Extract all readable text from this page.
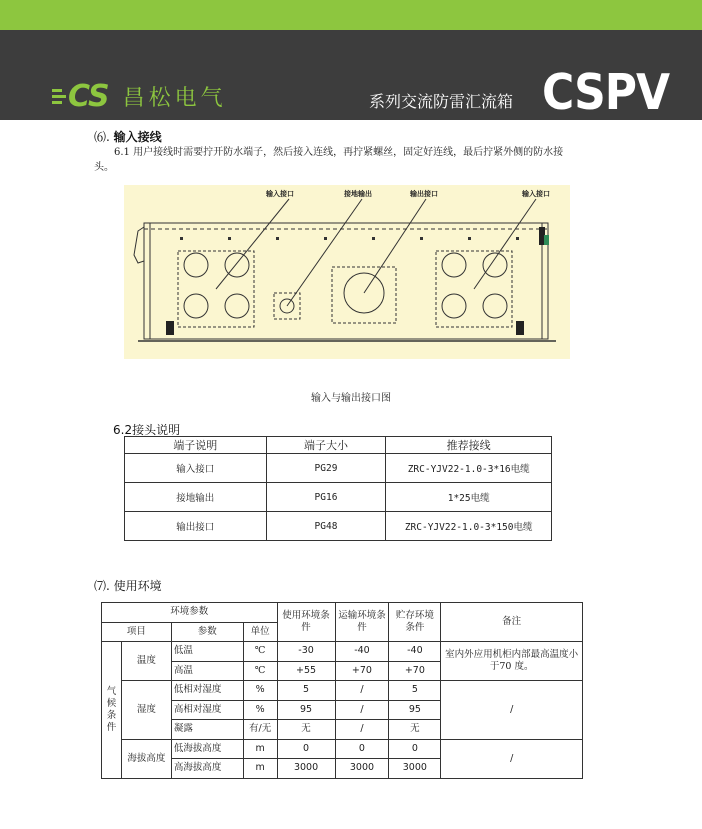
CS 昌松电气	系列交流防雷汇流箱 CSPV
⑹. 输入接线
6.1 用户接线时需要拧开防水端子，然后接入连线，再拧紧螺丝，固定好连线，最后拧紧外侧的防水接
头。
输入接口	接地输出	输出接口	输入接口
输入与输出接口图
6.2接头说明
端子说明	端子大小	推荐接线
输入接口	PG29	ZRC-YJV22-1.0-3*16电缆
接地输出	PG16	1*25电缆
输出接口	PG48	ZRC-YJV22-1.0-3*150电缆
⑺. 使用环境
环境参数				使用环境条件	运输环境条件	贮存环境条件	备注
项目		参数	单位				
气
候
条
件	温度	低温	℃	-30	-40	-40	室内外应用机柜内部最高温度小于70 度。
		高温	℃	+55	+70	+70	
	湿度	低相对湿度	%	5	/	5	/
		高相对湿度	%	95	/	95	
		凝露	有/无	无	/	无	
	海拔高度	低海拔高度	m	0	0	0	/
		高海拔高度	m	3000	3000	3000	
